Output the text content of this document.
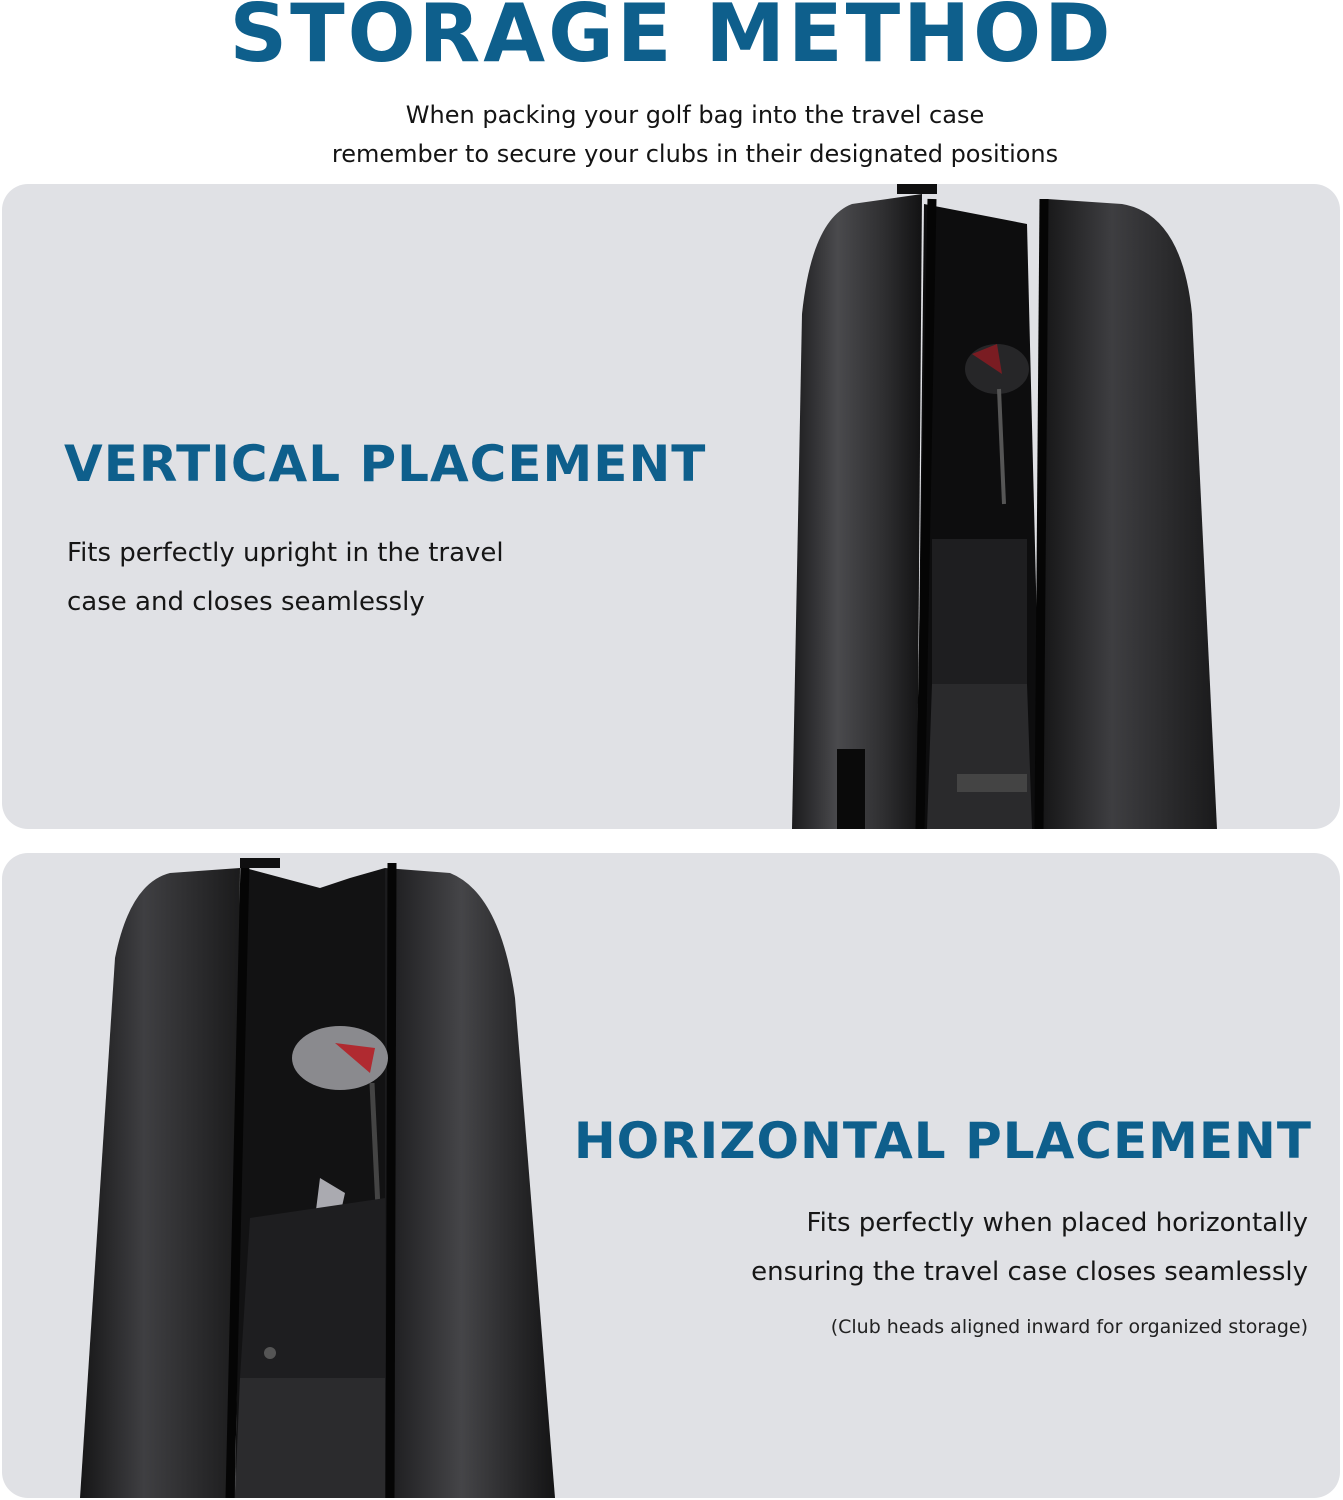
STORAGE METHOD
When packing your golf bag into the travel case
remember to secure your clubs in their designated positions
VERTICAL PLACEMENT
Fits perfectly upright in the travel
case and closes seamlessly
HORIZONTAL PLACEMENT
Fits perfectly when placed horizontally
ensuring the travel case closes seamlessly
(Club heads aligned inward for organized storage)
